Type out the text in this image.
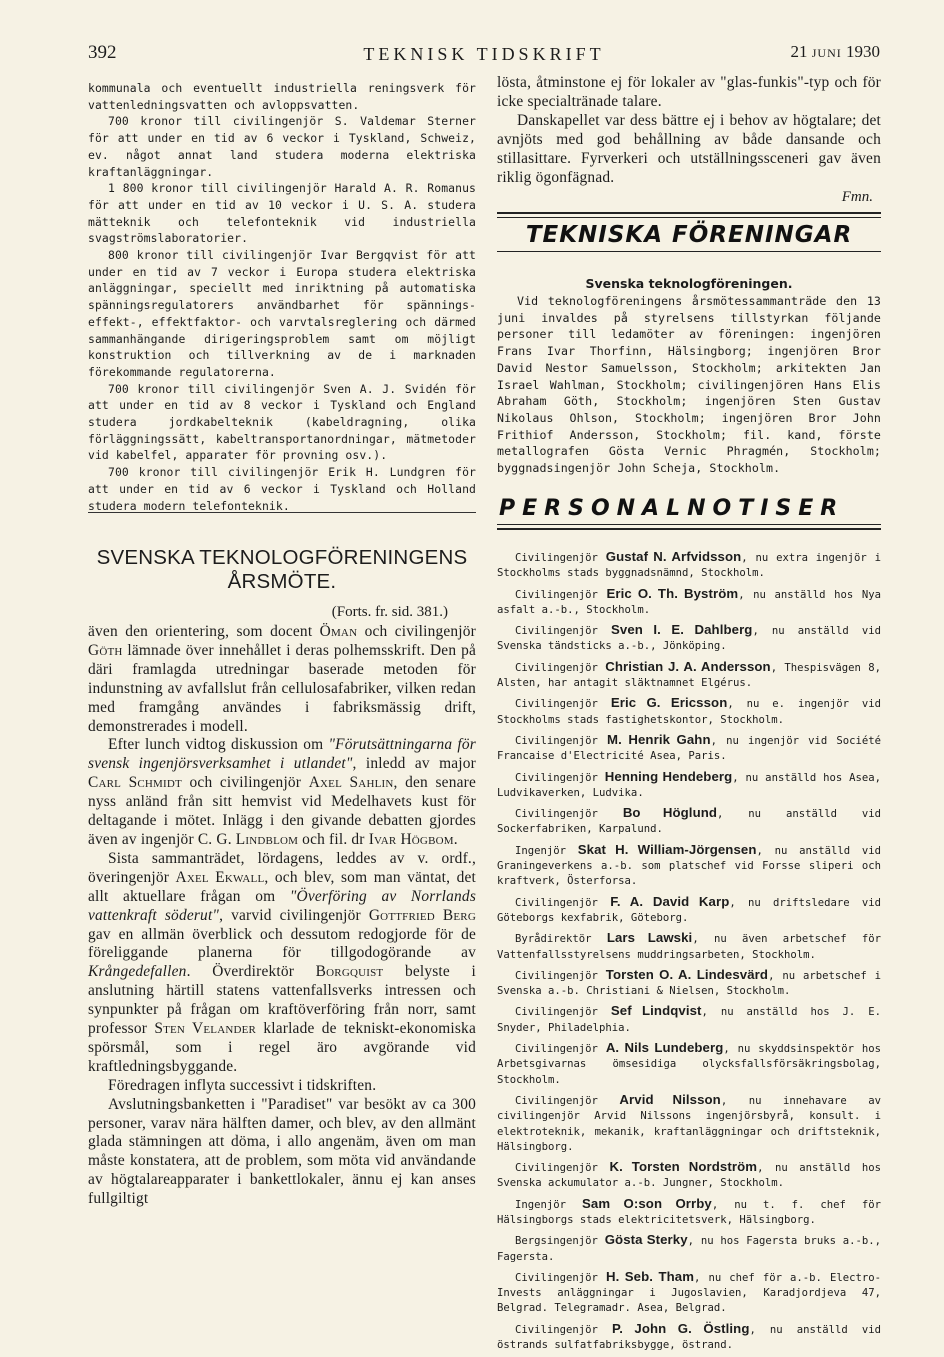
392	TEKNISK TIDSKRIFT	21 JUNI 1930

kommunala och eventuellt industriella reningsverk för vattenledningsvatten och avloppsvatten.

700 kronor till civilingenjör S. Valdemar Sterner för att under en tid av 6 veckor i Tyskland, Schweiz, ev. något annat land studera moderna elektriska kraftanläggningar.

1 800 kronor till civilingenjör Harald A. R. Romanus för att under en tid av 10 veckor i U. S. A. studera mätteknik och telefonteknik vid industriella svagströmslaboratorier.

800 kronor till civilingenjör Ivar Bergqvist för att under en tid av 7 veckor i Europa studera elektriska anläggningar, speciellt med inriktning på automatiska spänningsregulatorers användbarhet för spännings- effekt-, effektfaktor- och varvtalsreglering och därmed sammanhängande dirigeringsproblem samt om möjligt konstruktion och tillverkning av de i marknaden förekommande regulatorerna.

700 kronor till civilingenjör Sven A. J. Svidén för att under en tid av 8 veckor i Tyskland och England studera jordkabelteknik (kabeldragning, olika förläggningssätt, kabeltransportanordningar, mätmetoder vid kabelfel, apparater för provning osv.).

700 kronor till civilingenjör Erik H. Lundgren för att under en tid av 6 veckor i Tyskland och Holland studera modern telefonteknik.

SVENSKA TEKNOLOGFÖRENINGENS

ÅRSMÖTE.

(Forts. fr. sid. 381.)

även den orientering, som docent Öman och civilingenjör Göth lämnade över innehållet i deras polhemsskrift. Den på däri framlagda utredningar baserade metoden för indunstning av avfallslut från cellulosafabriker, vilken redan med framgång användes i fabriksmässig drift, demonstrerades i modell.

Efter lunch vidtog diskussion om "Förutsättningarna för svensk ingenjörsverksamhet i utlandet", inledd av major Carl Schmidt och civilingenjör Axel Sahlin, den senare nyss anländ från sitt hemvist vid Medelhavets kust för deltagande i mötet. Inlägg i den givande debatten gjordes även av ingenjör C. G. Lindblom och fil. dr Ivar Högbom.

Sista sammanträdet, lördagens, leddes av v. ordf., överingenjör Axel Ekwall, och blev, som man väntat, det allt aktuellare frågan om "Överföring av Norrlands vattenkraft söderut", varvid civilingenjör Gottfried Berg gav en allmän överblick och dessutom redogjorde för de föreliggande planerna för tillgodogörande av Krångedefallen. Överdirektör Borgquist belyste i anslutning härtill statens vattenfallsverks intressen och synpunkter på frågan om kraftöverföring från norr, samt professor Sten Velander klarlade de tekniskt-ekonomiska spörsmål, som i regel äro avgörande vid kraftledningsbyggande.

Föredragen inflyta successivt i tidskriften.

Avslutningsbanketten i "Paradiset" var besökt av ca 300 personer, varav nära hälften damer, och blev, av den allmänt glada stämningen att döma, i allo angenäm, även om man måste konstatera, att de problem, som möta vid användande av högtalareapparater i bankettlokaler, ännu ej kan anses fullgiltigt

lösta, åtminstone ej för lokaler av "glas-funkis"-typ och för icke specialtränade talare.

Danskapellet var dess bättre ej i behov av högtalare; det avnjöts med god behållning av både dansande och stillasittare. Fyrverkeri och utställningssceneri gav även riklig ögonfägnad.

Fmn.

TEKNISKA FÖRENINGAR

Svenska teknologföreningen.

Vid teknologföreningens årsmötessammanträde den 13 juni invaldes på styrelsens tillstyrkan följande personer till ledamöter av föreningen: ingenjören Frans Ivar Thorfinn, Hälsingborg; ingenjören Bror David Nestor Samuelsson, Stockholm; arkitekten Jan Israel Wahlman, Stockholm; civilingenjören Hans Elis Abraham Göth, Stockholm; ingenjören Sten Gustav Nikolaus Ohlson, Stockholm; ingenjören Bror John Frithiof Andersson, Stockholm; fil. kand, förste metallografen Gösta Vernic Phragmén, Stockholm; byggnadsingenjör John Scheja, Stockholm.

PERSONALNOTISER

Civilingenjör Gustaf N. Arfvidsson, nu extra ingenjör i Stockholms stads byggnadsnämnd, Stockholm.

Civilingenjör Eric O. Th. Byström, nu anställd hos Nya asfalt a.-b., Stockholm.

Civilingenjör Sven I. E. Dahlberg, nu anställd vid Svenska tändsticks a.-b., Jönköping.

Civilingenjör Christian J. A. Andersson, Thespisvägen 8, Alsten, har antagit släktnamnet Elgérus.

Civilingenjör Eric G. Ericsson, nu e. ingenjör vid Stockholms stads fastighetskontor, Stockholm.

Civilingenjör M. Henrik Gahn, nu ingenjör vid Société Francaise d'Electricité Asea, Paris.

Civilingenjör Henning Hendeberg, nu anställd hos Asea, Ludvikaverken, Ludvika.

Civilingenjör Bo Höglund, nu anställd vid Sockerfabriken, Karpalund.

Ingenjör Skat H. William-Jörgensen, nu anställd vid Graningeverkens a.-b. som platschef vid Forsse sliperi och kraftverk, Österforsa.

Civilingenjör F. A. David Karp, nu driftsledare vid Göteborgs kexfabrik, Göteborg.

Byrådirektör Lars Lawski, nu även arbetschef för Vattenfallsstyrelsens muddringsarbeten, Stockholm.

Civilingenjör Torsten O. A. Lindesvärd, nu arbetschef i Svenska a.-b. Christiani & Nielsen, Stockholm.

Civilingenjör Sef Lindqvist, nu anställd hos J. E. Snyder, Philadelphia.

Civilingenjör A. Nils Lundeberg, nu skyddsinspektör hos Arbetsgivarnas ömsesidiga olycksfallsförsäkringsbolag, Stockholm.

Civilingenjör Arvid Nilsson, nu innehavare av civilingenjör Arvid Nilssons ingenjörsbyrå, konsult. i elektroteknik, mekanik, kraftanläggningar och driftsteknik, Hälsingborg.

Civilingenjör K. Torsten Nordström, nu anställd hos Svenska ackumulator a.-b. Jungner, Stockholm.

Ingenjör Sam O:son Orrby, nu t. f. chef för Hälsingborgs stads elektricitetsverk, Hälsingborg.

Bergsingenjör Gösta Sterky, nu hos Fagersta bruks a.-b., Fagersta.

Civilingenjör H. Seb. Tham, nu chef för a.-b. Electro-Invests anläggningar i Jugoslavien, Karadjordjeva 47, Belgrad. Telegramadr. Asea, Belgrad.

Civilingenjör P. John G. Östling, nu anställd vid östrands sulfatfabriksbygge, östrand.
